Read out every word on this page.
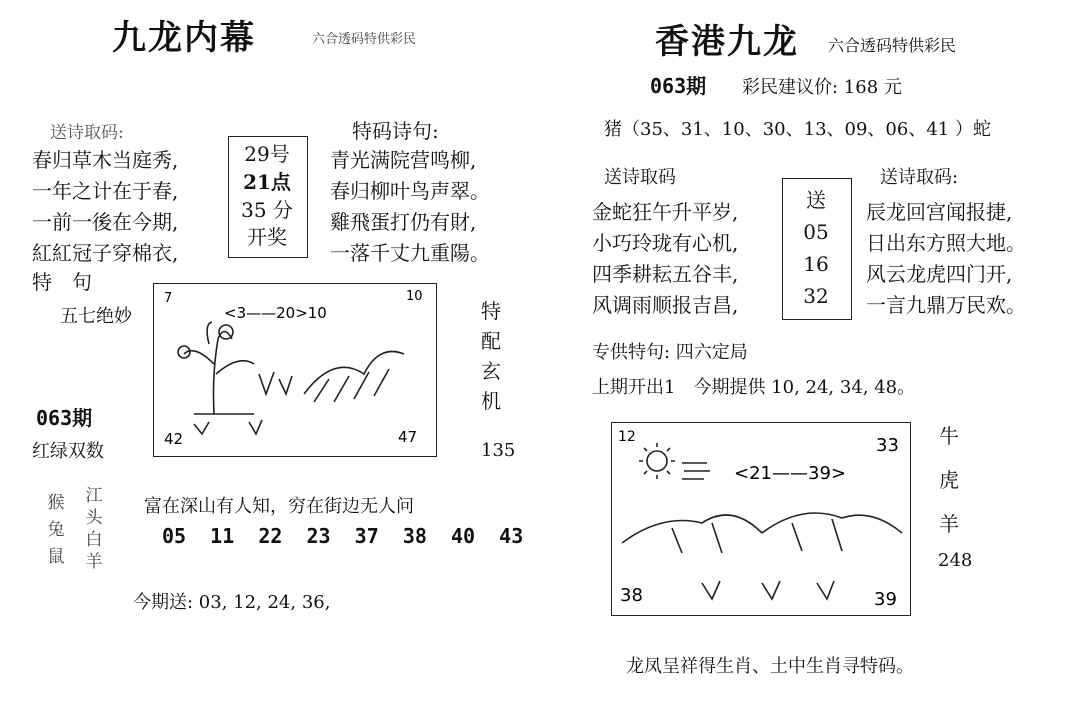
九龙内幕	六合透码特供彩民
送诗取码:
春归草木当庭秀,
一年之计在于春,
一前一後在今期,
紅紅冠子穿棉衣,
29号
21点
35 分
开奖
特码诗句:
青光满院营鸣柳,
春归柳叶鸟声翠。
雞飛蛋打仍有財,
一落千丈九重陽。
特　句
五七绝妙
063期
红绿双数
7
<3——20>10
10
42	47
特
配
玄
机
135
猴
兔
鼠
江
头
白
羊
富在深山有人知，穷在街边无人问
05  11  22  23  37  38  40  43
今期送: 03, 12, 24, 36,
香港九龙 六合透码特供彩民
063期 彩民建议价: 168 元
猪（35、31、10、30、13、09、06、41 ）蛇
送诗取码
金蛇狂午升平岁,
小巧玲珑有心机,
四季耕耘五谷丰,
风调雨顺报吉昌,
送
05
16
32
送诗取码:
辰龙回宫闻报捷,
日出东方照大地。
风云龙虎四门开,
一言九鼎万民欢。
专供特句: 四六定局
上期开出1　今期提供 10, 24, 34, 48。
12
<21——39>
33
38	39
牛
虎
羊
248
龙凤呈祥得生肖、土中生肖寻特码。
